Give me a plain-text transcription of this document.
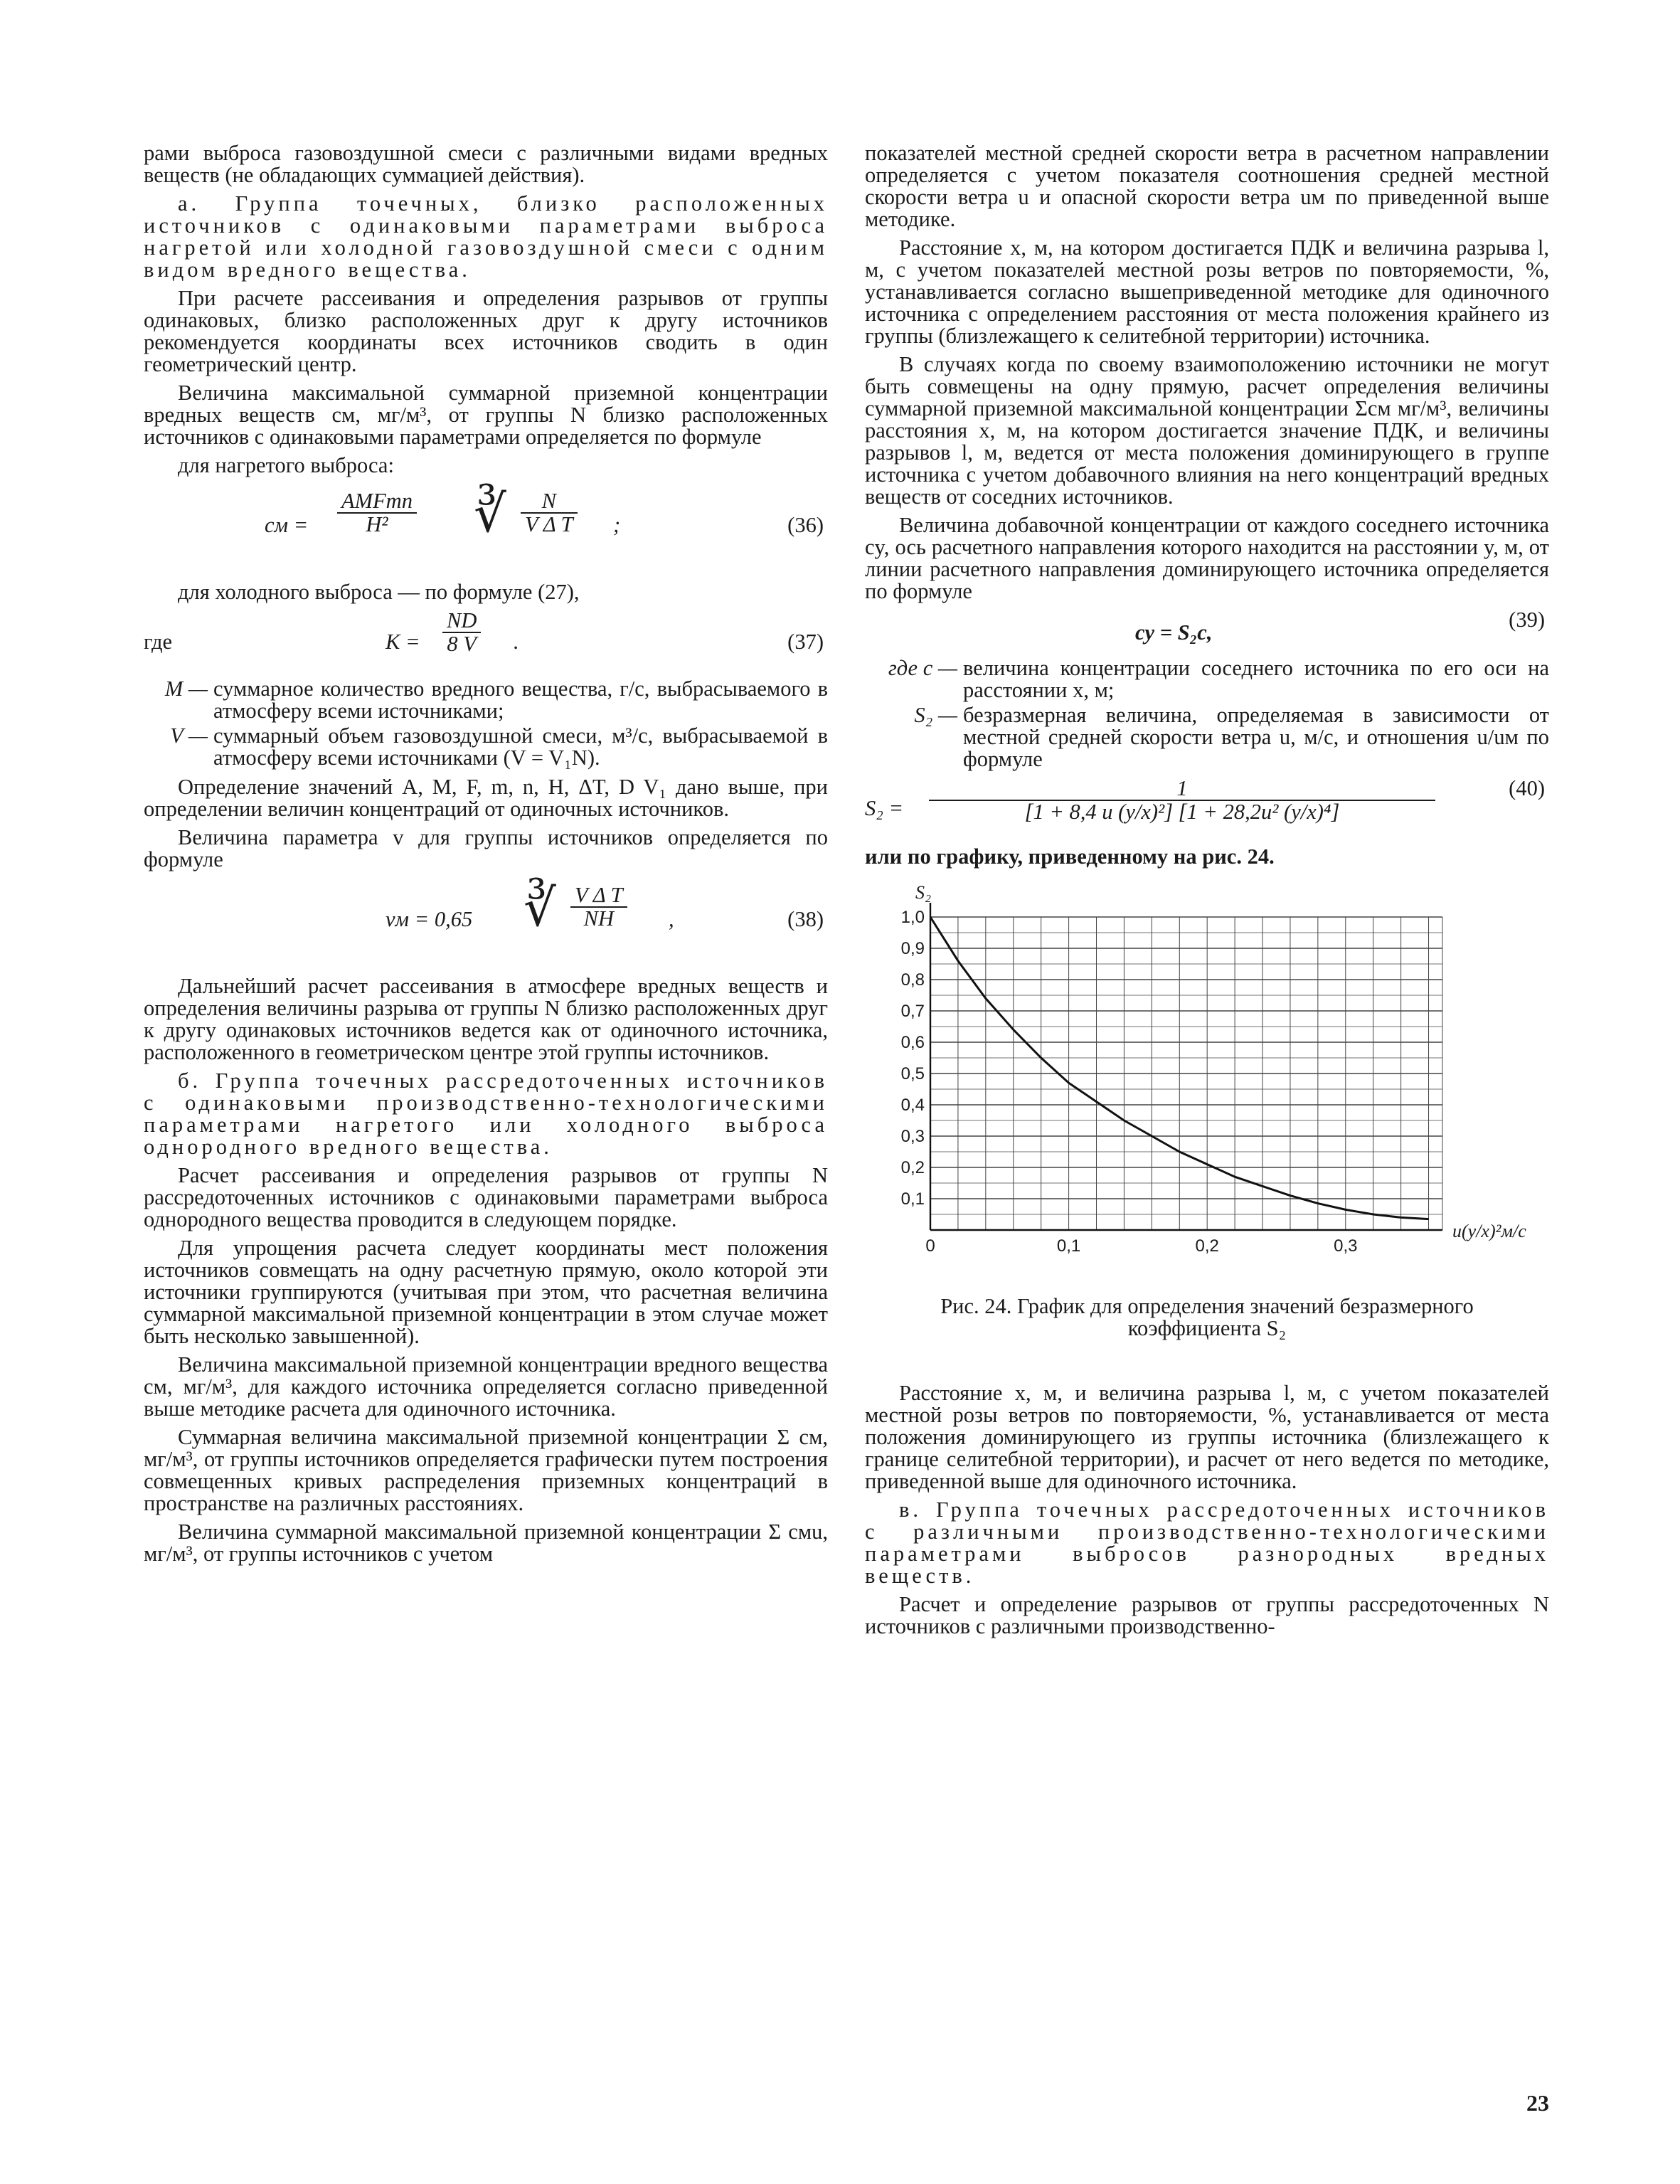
рами выброса газовоздушной смеси с различными видами вредных веществ (не обладающих суммацией действия).

а. Группа точечных, близко расположенных источников с одинаковыми параметрами выброса нагретой или холодной газовоздушной смеси с одним видом вредного вещества.

При расчете рассеивания и определения разрывов от группы одинаковых, близко расположенных друг к другу источников рекомендуется координаты всех источников сводить в один геометрический центр.

Величина максимальной суммарной приземной концентрации вредных веществ cм, мг/м³, от группы N близко расположенных источников с одинаковыми параметрами определяется по формуле

для нагретого выброса:

cм = $\frac{\text{AMFmn}}{\text{H²}}$ ∛ $\frac{N}{\text{V Δ T}}$ ;	(36)

для холодного выброса — по формуле (27),

где	$K = \frac{ND}{8 V}$ .	(37)
M — суммарное количество вредного вещества, г/с, выбрасываемого в атмосферу всеми источниками;
V — суммарный объем газовоздушной смеси, м³/с, выбрасываемой в атмосферу всеми источниками (V = V₁N).

Определение значений A, M, F, m, n, H, ΔT, D V₁ дано выше, при определении величин концентраций от одиночных источников.

Величина параметра v для группы источников определяется по формуле

vм = 0,65 ∛ $\frac{\text{V Δ T}}{NH}$ ,	(38)

Дальнейший расчет рассеивания в атмосфере вредных веществ и определения величины разрыва от группы N близко расположенных друг к другу одинаковых источников ведется как от одиночного источника, расположенного в геометрическом центре этой группы источников.

б. Группа точечных рассредоточенных источников с одинаковыми производственно-технологическими параметрами нагретого или холодного выброса однородного вредного вещества.

Расчет рассеивания и определения разрывов от группы N рассредоточенных источников с одинаковыми параметрами выброса однородного вещества проводится в следующем порядке.

Для упрощения расчета следует координаты мест положения источников совмещать на одну расчетную прямую, около которой эти источники группируются (учитывая при этом, что расчетная величина суммарной максимальной приземной концентрации в этом случае может быть несколько завышенной).

Величина максимальной приземной концентрации вредного вещества cм, мг/м³, для каждого источника определяется согласно приведенной выше методике расчета для одиночного источника.

Суммарная величина максимальной приземной концентрации Σ cм, мг/м³, от группы источников определяется графически путем построения совмещенных кривых распределения приземных концентраций в пространстве на различных расстояниях.

Величина суммарной максимальной приземной концентрации Σ cмu, мг/м³, от группы источников с учетом

показателей местной средней скорости ветра в расчетном направлении определяется с учетом показателя соотношения средней местной скорости ветра u и опасной скорости ветра uм по приведенной выше методике.

Расстояние x, м, на котором достигается ПДК и величина разрыва l, м, с учетом показателей местной розы ветров по повторяемости, %, устанавливается согласно вышеприведенной методике для одиночного источника с определением расстояния от места положения крайнего из группы (близлежащего к селитебной территории) источника.

В случаях когда по своему взаимоположению источники не могут быть совмещены на одну прямую, расчет определения величины суммарной приземной максимальной концентрации Σcм мг/м³, величины расстояния x, м, на котором достигается значение ПДК, и величины разрывов l, м, ведется от места положения доминирующего в группе источника с учетом добавочного влияния на него концентраций вредных веществ от соседних источников.

Величина добавочной концентрации от каждого соседнего источника cy, ось расчетного направления которого находится на расстоянии y, м, от линии расчетного направления доминирующего источника определяется по формуле

cy = S₂c,
(39)
где c — величина концентрации соседнего источника по его оси на расстоянии x, м;
S₂ — безразмерная величина, определяемая в зависимости от местной средней скорости ветра u, м/с, и отношения u/uм по формуле
$S_2 = \frac{1}{\text{[1 + 8,4 u (y/x)²] [1 + 28,2u² (y/x)⁴]}}$	(40)

или по графику, приведенному на рис. 24.

0,1
0,2
0,3
0,4
0,5
0,6
0,7
0,8
0,9
1,0
0	0,1	0,2	0,3
S₂
u(y/x)²м/с

Рис. 24. График для определения значений безразмерного коэффициента S₂

Расстояние x, м, и величина разрыва l, м, с учетом показателей местной розы ветров по повторяемости, %, устанавливается от места положения доминирующего из группы источника (близлежащего к границе селитебной территории), и расчет от него ведется по методике, приведенной выше для одиночного источника.

в. Группа точечных рассредоточенных источников с различными производственно-технологическими параметрами выбросов разнородных вредных веществ.

Расчет и определение разрывов от группы рассредоточенных N источников с различными производственно-

23
